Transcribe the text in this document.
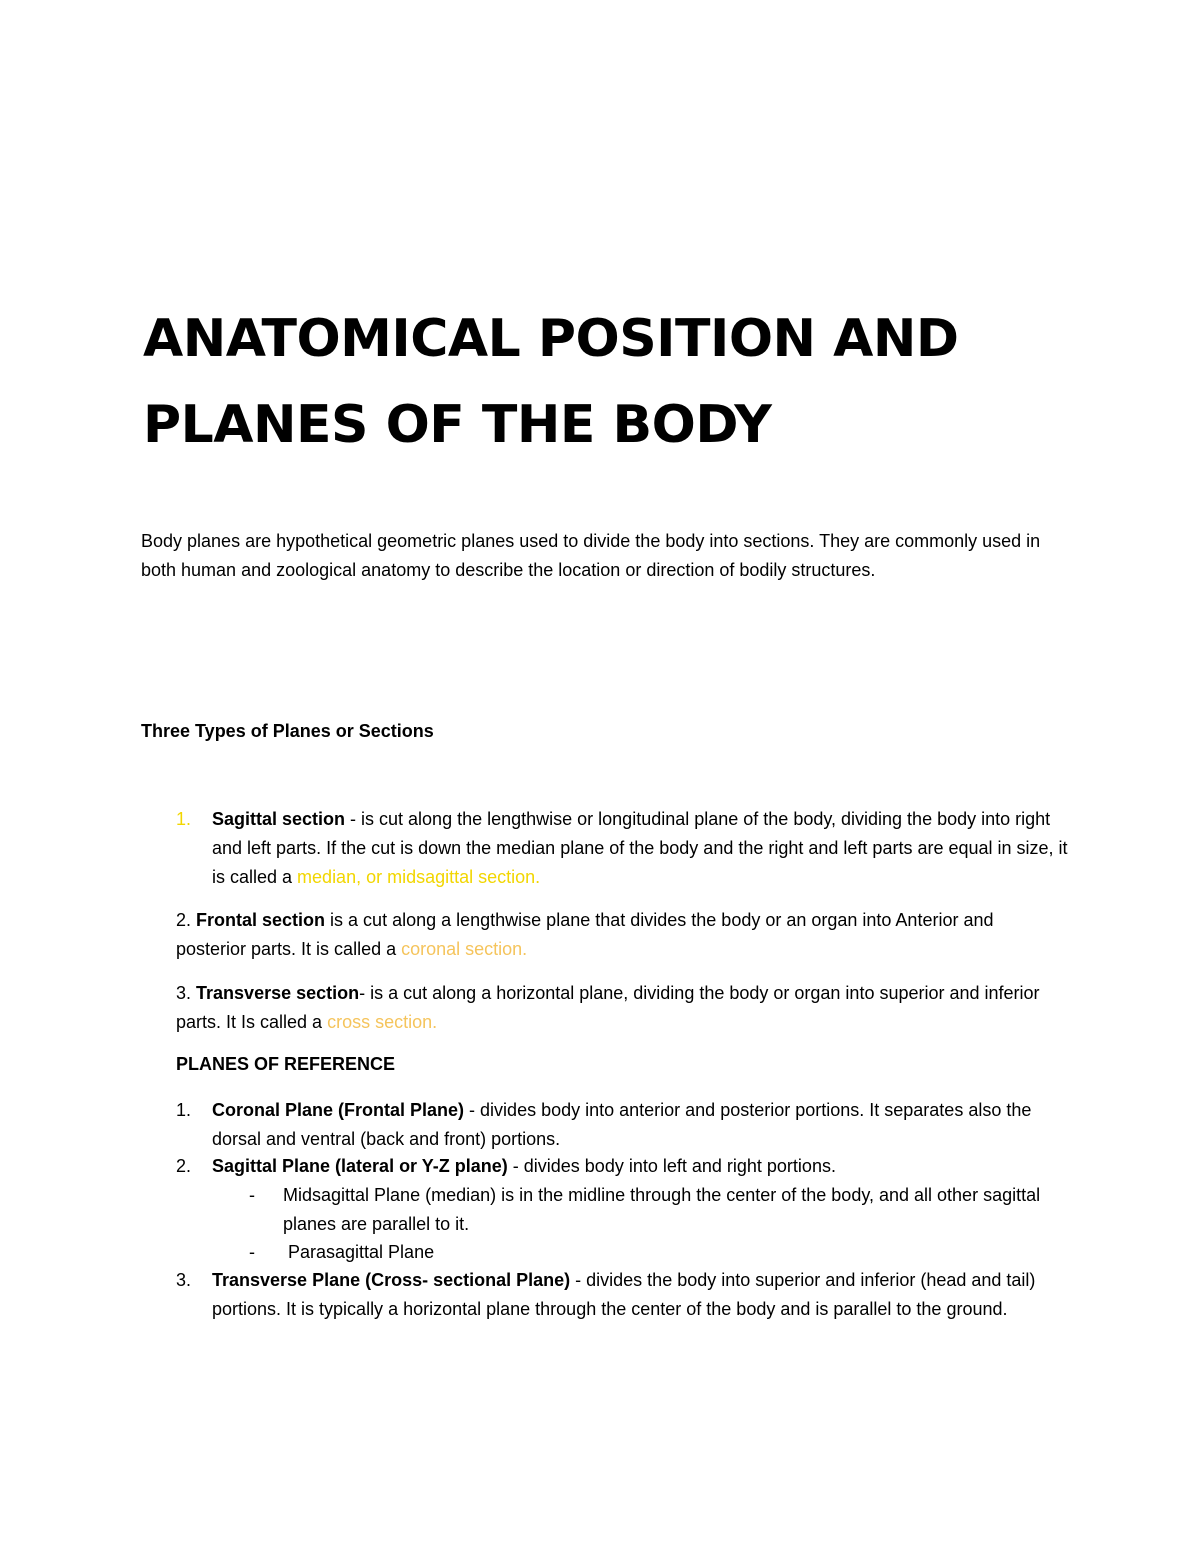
ANATOMICAL POSITION AND
PLANES OF THE BODY

Body planes are hypothetical geometric planes used to divide the body into sections. They are commonly used in both human and zoological anatomy to describe the location or direction of bodily structures.

Three Types of Planes or Sections

1. Sagittal section - is cut along the lengthwise or longitudinal plane of the body, dividing the body into right and left parts. If the cut is down the median plane of the body and the right and left parts are equal in size, it is called a median, or midsagittal section.

2. Frontal section is a cut along a lengthwise plane that divides the body or an organ into Anterior and posterior parts. It is called a coronal section.

3. Transverse section- is a cut along a horizontal plane, dividing the body or organ into superior and inferior parts. It Is called a cross section.

PLANES OF REFERENCE

1. Coronal Plane (Frontal Plane) - divides body into anterior and posterior portions. It separates also the dorsal and ventral (back and front) portions.

2. Sagittal Plane (lateral or Y-Z plane) - divides body into left and right portions.

- Midsagittal Plane (median) is in the midline through the center of the body, and all other sagittal planes are parallel to it.

- Parasagittal Plane

3. Transverse Plane (Cross- sectional Plane) - divides the body into superior and inferior (head and tail) portions. It is typically a horizontal plane through the center of the body and is parallel to the ground.
